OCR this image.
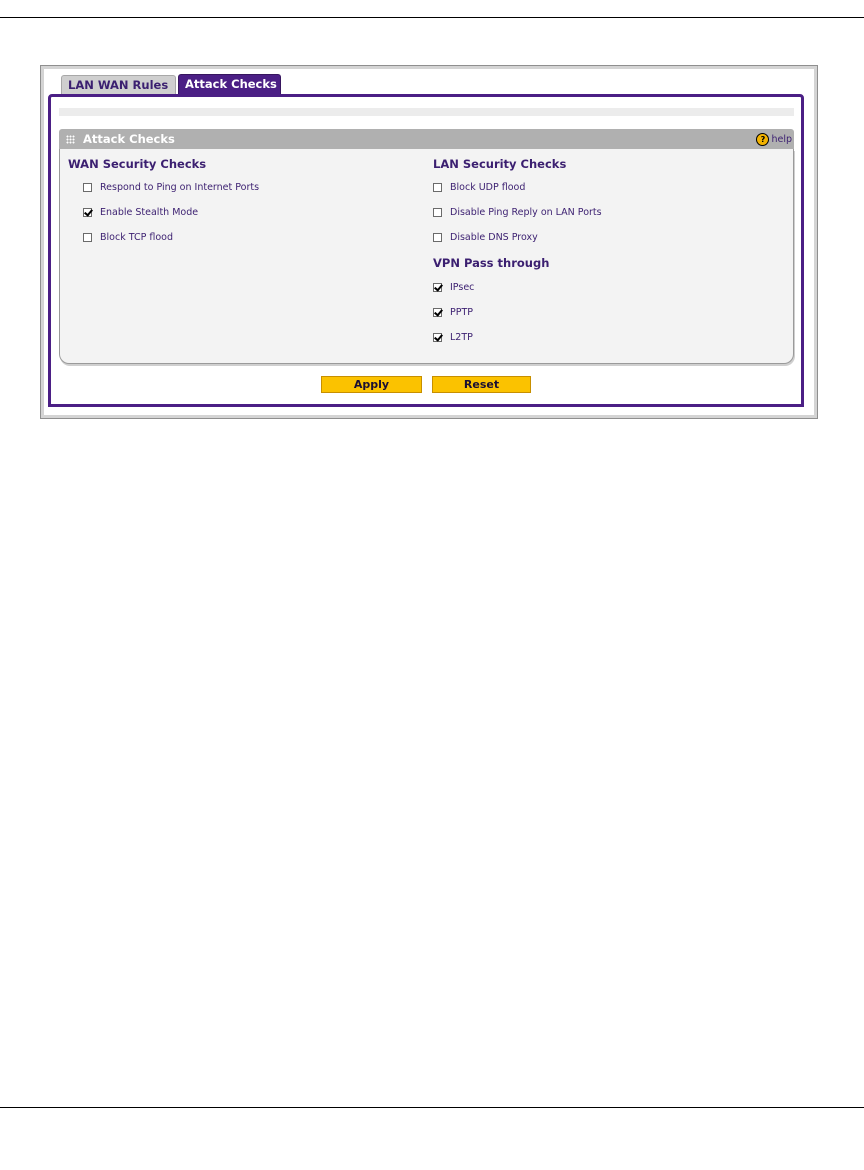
LAN WAN Rules	Attack Checks
Attack Checks	? help
WAN Security Checks
Respond to Ping on Internet Ports
Enable Stealth Mode
Block TCP flood
LAN Security Checks
Block UDP flood
Disable Ping Reply on LAN Ports
Disable DNS Proxy
VPN Pass through
IPsec
PPTP
L2TP
Apply	Reset
